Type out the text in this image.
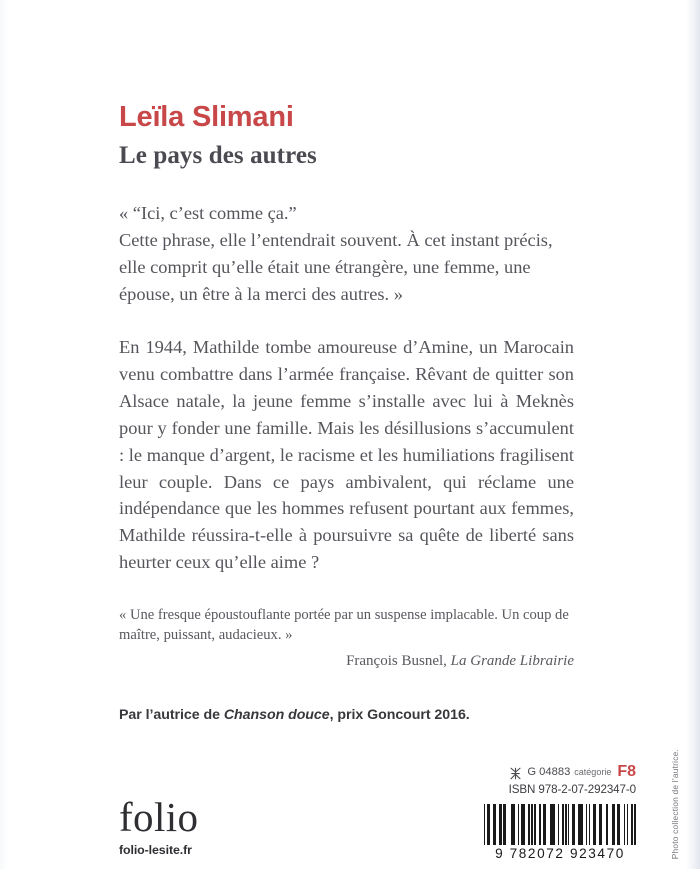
Leïla Slimani
Le pays des autres

« “Ici, c’est comme ça.”
Cette phrase, elle l’entendrait souvent. À cet instant précis, elle comprit qu’elle était une étrangère, une femme, une épouse, un être à la merci des autres. »

En 1944, Mathilde tombe amoureuse d’Amine, un Marocain venu combattre dans l’armée française. Rêvant de quitter son Alsace natale, la jeune femme s’installe avec lui à Meknès pour y fonder une famille. Mais les désillusions s’accumulent : le manque d’argent, le racisme et les humiliations fragilisent leur couple. Dans ce pays ambivalent, qui réclame une indépendance que les hommes refusent pourtant aux femmes, Mathilde réussira-t-elle à poursuivre sa quête de liberté sans heurter ceux qu’elle aime ?

« Une fresque époustouflante portée par un suspense implacable. Un coup de maître, puissant, audacieux. »

François Busnel, La Grande Librairie

Par l’autrice de Chanson douce, prix Goncourt 2016.

folio
folio-lesite.fr
G 04883 catégorie F8
ISBN 978-2-07-292347-0
9 782072 923470	Photo collection de l’autrice.
